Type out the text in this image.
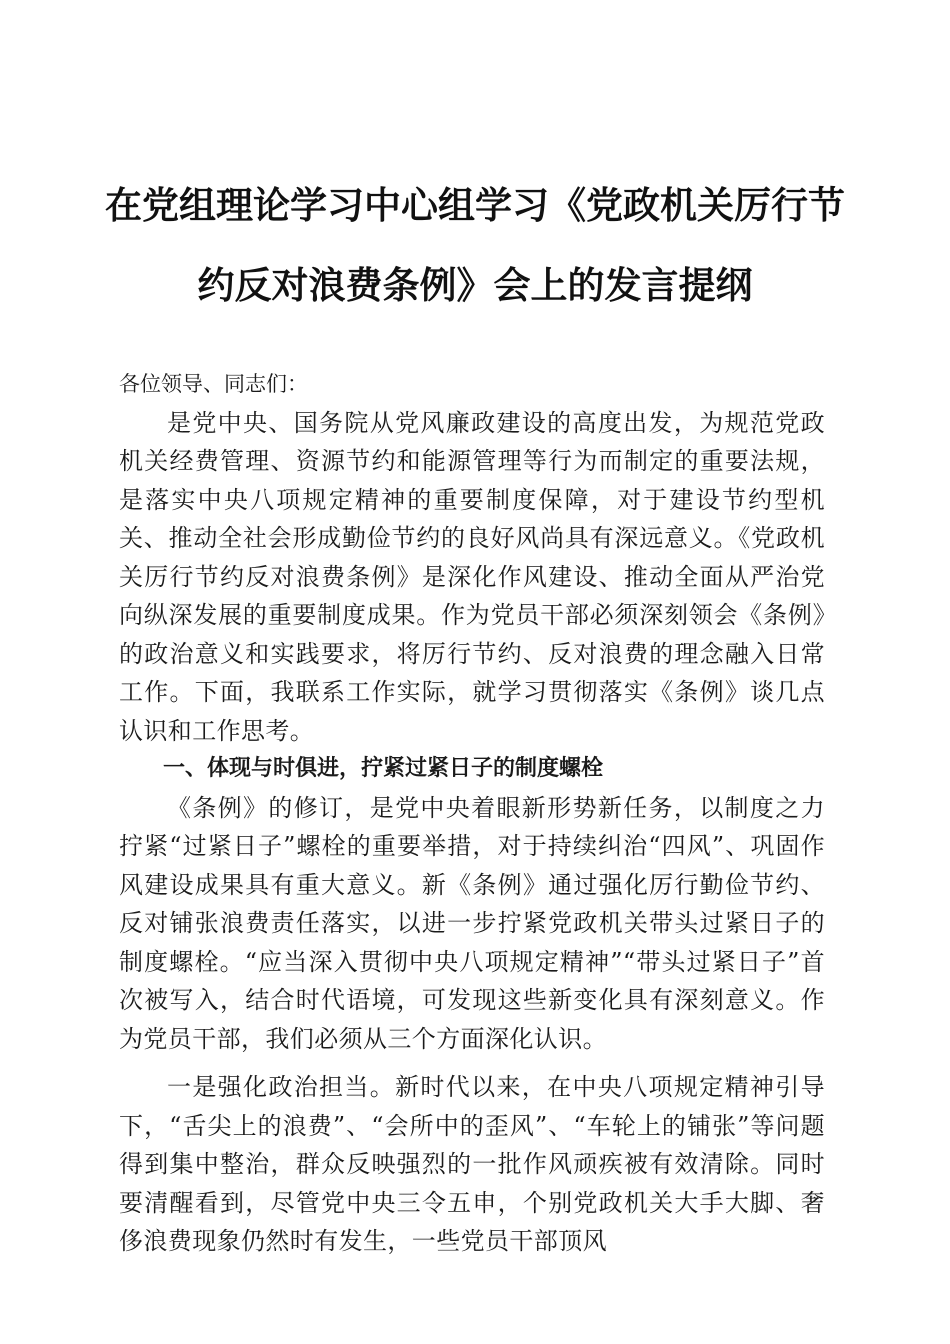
在党组理论学习中心组学习《党政机关厉行节约反对浪费条例》会上的发言提纲

各位领导、同志们：

是党中央、国务院从党风廉政建设的高度出发，为规范党政机关经费管理、资源节约和能源管理等行为而制定的重要法规，是落实中央八项规定精神的重要制度保障，对于建设节约型机关、推动全社会形成勤俭节约的良好风尚具有深远意义。《党政机关厉行节约反对浪费条例》是深化作风建设、推动全面从严治党向纵深发展的重要制度成果。作为党员干部必须深刻领会《条例》的政治意义和实践要求，将厉行节约、反对浪费的理念融入日常工作。下面，我联系工作实际，就学习贯彻落实《条例》谈几点认识和工作思考。

一、体现与时俱进，拧紧过紧日子的制度螺栓

《条例》的修订，是党中央着眼新形势新任务，以制度之力拧紧“过紧日子”螺栓的重要举措，对于持续纠治“四风”、巩固作风建设成果具有重大意义。新《条例》通过强化厉行勤俭节约、反对铺张浪费责任落实，以进一步拧紧党政机关带头过紧日子的制度螺栓。“应当深入贯彻中央八项规定精神”“带头过紧日子”首次被写入，结合时代语境，可发现这些新变化具有深刻意义。作为党员干部，我们必须从三个方面深化认识。

一是强化政治担当。新时代以来，在中央八项规定精神引导下，“舌尖上的浪费”、“会所中的歪风”、“车轮上的铺张”等问题得到集中整治，群众反映强烈的一批作风顽疾被有效清除。同时要清醒看到，尽管党中央三令五申，个别党政机关大手大脚、奢侈浪费现象仍然时有发生，一些党员干部顶风
